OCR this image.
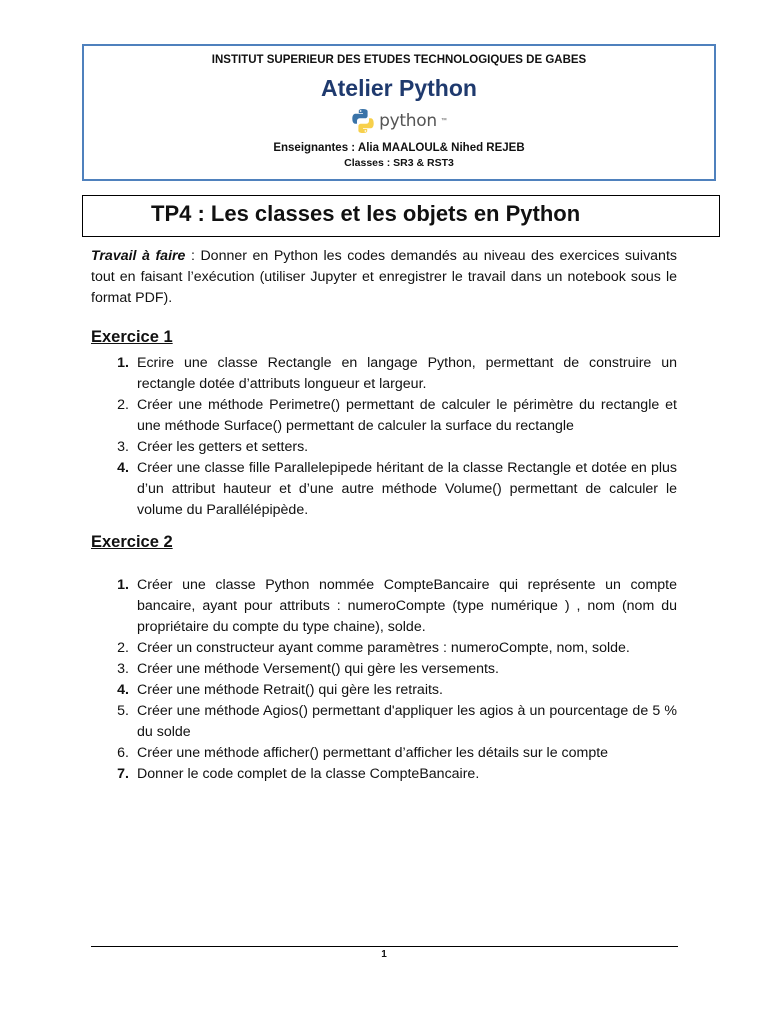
INSTITUT SUPERIEUR DES ETUDES TECHNOLOGIQUES DE GABES
Atelier Python
python ™
Enseignantes : Alia MAALOUL& Nihed REJEB
Classes : SR3 & RST3
TP4 : Les classes et les objets en Python

Travail à faire : Donner en Python les codes demandés au niveau des exercices suivants tout en faisant l’exécution (utiliser Jupyter et enregistrer le travail dans un notebook sous le format PDF).

Exercice 1

1. Ecrire une classe Rectangle en langage Python, permettant de construire un rectangle dotée d’attributs longueur et largeur.
2. Créer une méthode Perimetre() permettant de calculer le périmètre du rectangle et une méthode Surface() permettant de calculer la surface du rectangle
3. Créer les getters et setters.
4. Créer une classe fille Parallelepipede héritant de la classe Rectangle et dotée en plus d’un attribut hauteur et d’une autre méthode Volume() permettant de calculer le volume du Parallélépipède.

Exercice 2

1. Créer une classe Python nommée CompteBancaire qui représente un compte bancaire, ayant pour attributs : numeroCompte (type numérique ) , nom (nom du propriétaire du compte du type chaine), solde.
2. Créer un constructeur ayant comme paramètres : numeroCompte, nom, solde.
3. Créer une méthode Versement() qui gère les versements.
4. Créer une méthode Retrait() qui gère les retraits.
5. Créer une méthode Agios() permettant d'appliquer les agios à un pourcentage de 5 % du solde
6. Créer une méthode afficher() permettant d’afficher les détails sur le compte
7. Donner le code complet de la classe CompteBancaire.
1
